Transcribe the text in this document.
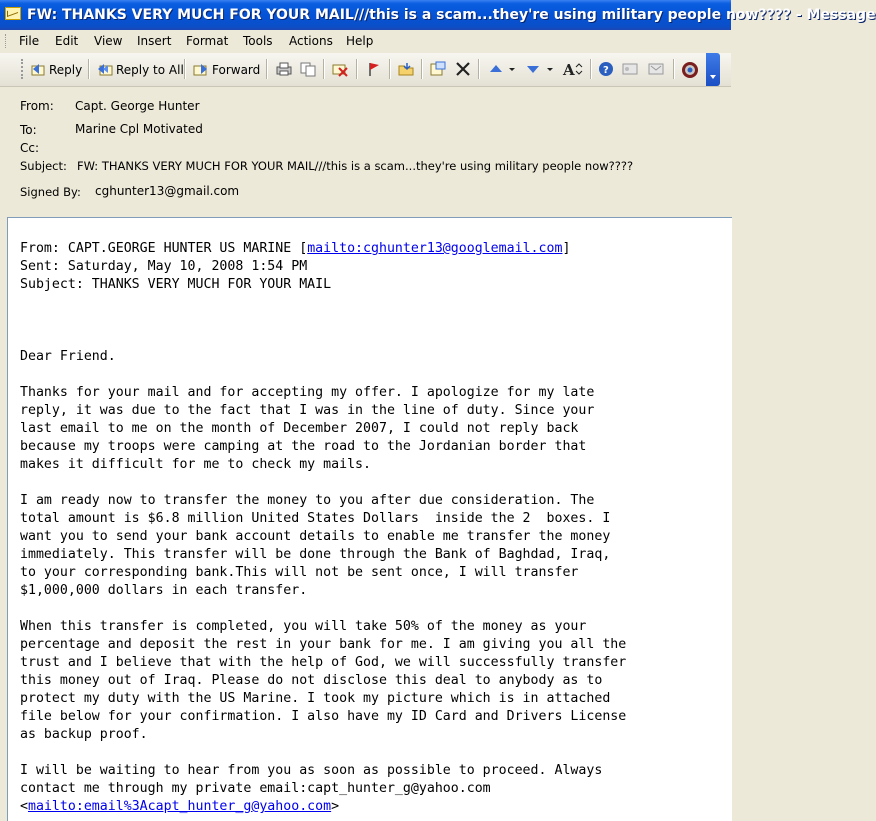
FW: THANKS VERY MUCH FOR YOUR MAIL///this is a scam...they're using military people now???? - Message
File Edit View Insert Format Tools Actions Help
Reply	Reply to All Forward	A	?
From: Capt. George Hunter
To:	Marine Cpl Motivated
Cc:
Subject: FW: THANKS VERY MUCH FOR YOUR MAIL///this is a scam...they're using military people now????
Signed By: cghunter13@gmail.com
From: CAPT.GEORGE HUNTER US MARINE [mailto:cghunter13@googlemail.com]
Sent: Saturday, May 10, 2008 1:54 PM
Subject: THANKS VERY MUCH FOR YOUR MAIL
Dear Friend.
Thanks for your mail and for accepting my offer. I apologize for my late
reply, it was due to the fact that I was in the line of duty. Since your
last email to me on the month of December 2007, I could not reply back
because my troops were camping at the road to the Jordanian border that
makes it difficult for me to check my mails.
I am ready now to transfer the money to you after due consideration. The
total amount is $6.8 million United States Dollars  inside the 2  boxes. I
want you to send your bank account details to enable me transfer the money
immediately. This transfer will be done through the Bank of Baghdad, Iraq,
to your corresponding bank.This will not be sent once, I will transfer
$1,000,000 dollars in each transfer.
When this transfer is completed, you will take 50% of the money as your
percentage and deposit the rest in your bank for me. I am giving you all the
trust and I believe that with the help of God, we will successfully transfer
this money out of Iraq. Please do not disclose this deal to anybody as to
protect my duty with the US Marine. I took my picture which is in attached
file below for your confirmation. I also have my ID Card and Drivers License
as backup proof.
I will be waiting to hear from you as soon as possible to proceed. Always
contact me through my private email:capt_hunter_g@yahoo.com
<mailto:email%3Acapt_hunter_g@yahoo.com>
